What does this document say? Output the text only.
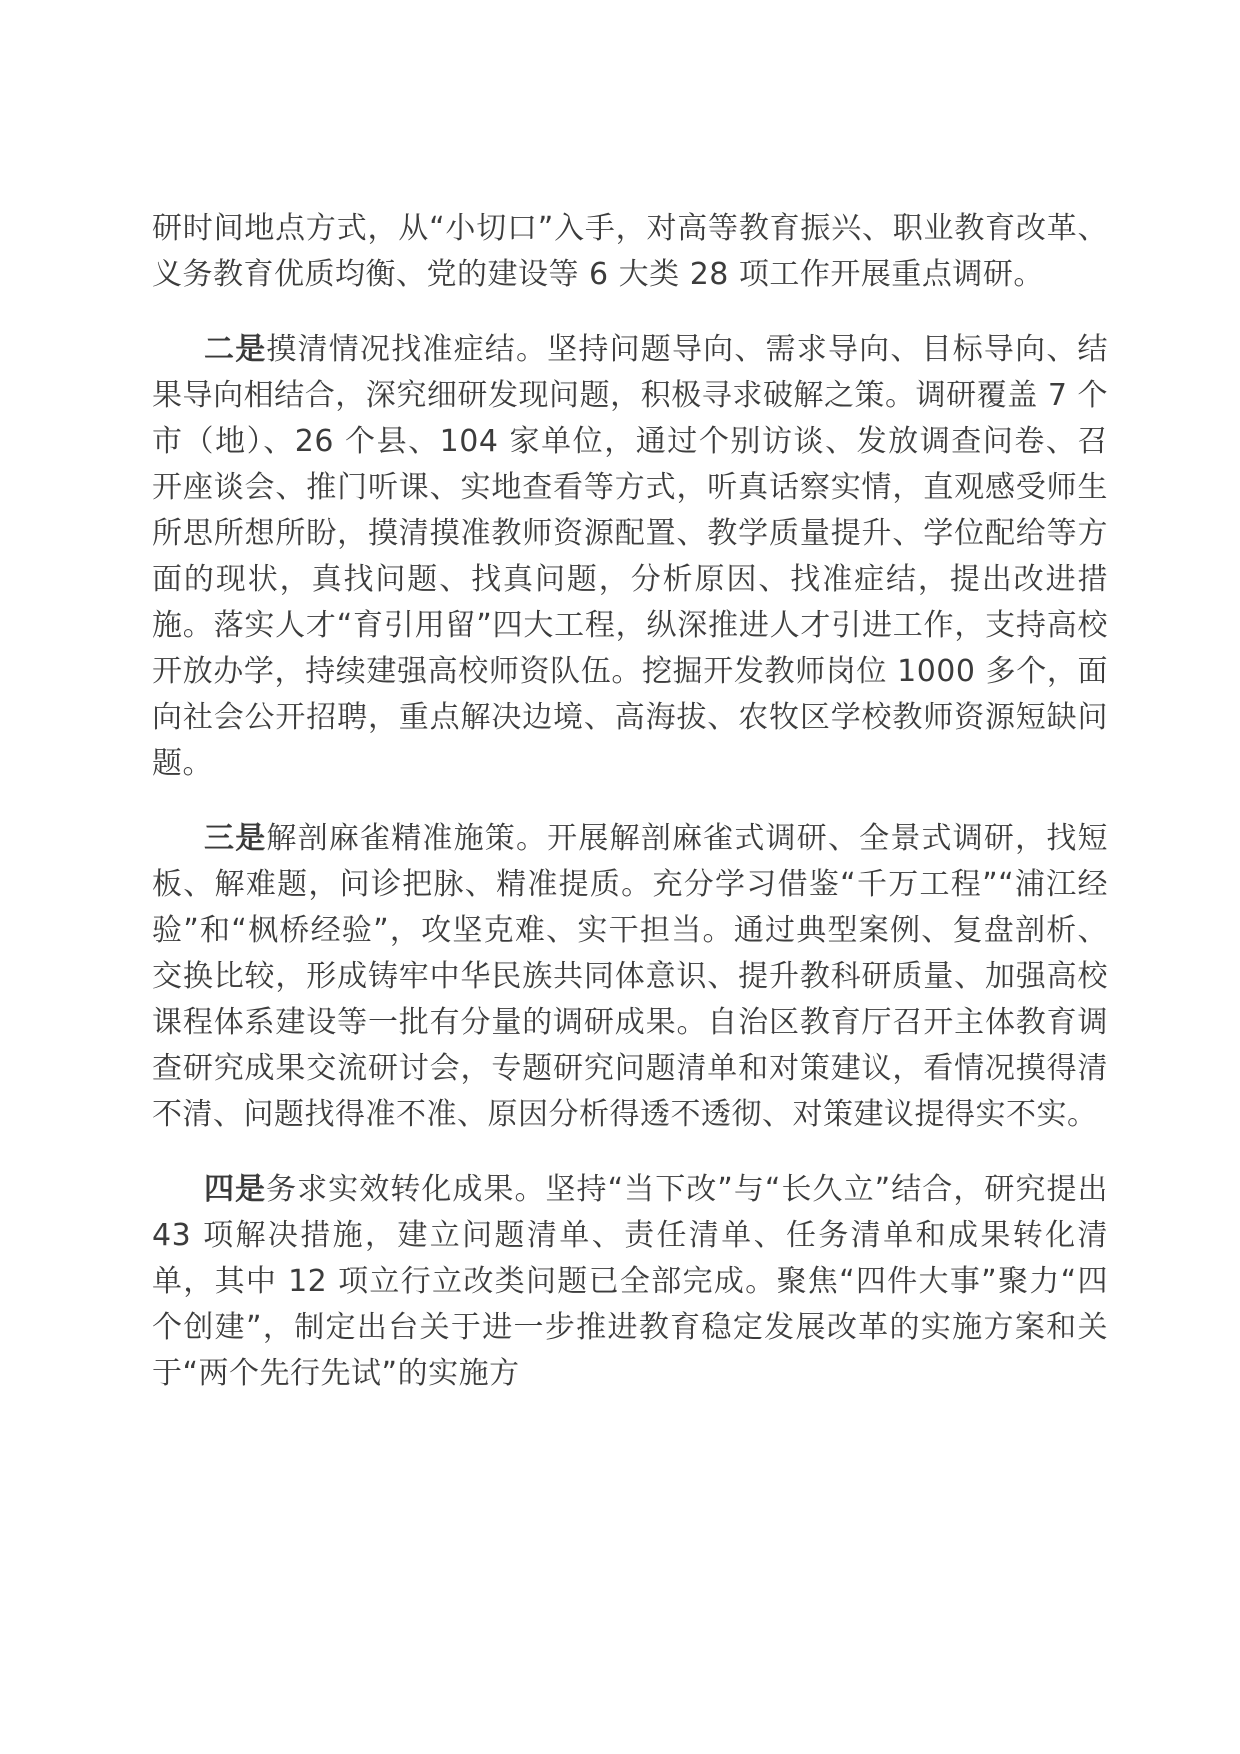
研时间地点方式，从“小切口”入手，对高等教育振兴、职业教育改革、义务教育优质均衡、党的建设等 6 大类 28 项工作开展重点调研。

二是摸清情况找准症结。坚持问题导向、需求导向、目标导向、结果导向相结合，深究细研发现问题，积极寻求破解之策。调研覆盖 7 个市（地）、26 个县、104 家单位，通过个别访谈、发放调查问卷、召开座谈会、推门听课、实地查看等方式，听真话察实情，直观感受师生所思所想所盼，摸清摸准教师资源配置、教学质量提升、学位配给等方面的现状，真找问题、找真问题，分析原因、找准症结，提出改进措施。落实人才“育引用留”四大工程，纵深推进人才引进工作，支持高校开放办学，持续建强高校师资队伍。挖掘开发教师岗位 1000 多个，面向社会公开招聘，重点解决边境、高海拔、农牧区学校教师资源短缺问题。

三是解剖麻雀精准施策。开展解剖麻雀式调研、全景式调研，找短板、解难题，问诊把脉、精准提质。充分学习借鉴“千万工程”“浦江经验”和“枫桥经验”，攻坚克难、实干担当。通过典型案例、复盘剖析、交换比较，形成铸牢中华民族共同体意识、提升教科研质量、加强高校课程体系建设等一批有分量的调研成果。自治区教育厅召开主体教育调查研究成果交流研讨会，专题研究问题清单和对策建议，看情况摸得清不清、问题找得准不准、原因分析得透不透彻、对策建议提得实不实。

四是务求实效转化成果。坚持“当下改”与“长久立”结合，研究提出 43 项解决措施，建立问题清单、责任清单、任务清单和成果转化清单，其中 12 项立行立改类问题已全部完成。聚焦“四件大事”聚力“四个创建”，制定出台关于进一步推进教育稳定发展改革的实施方案和关于“两个先行先试”的实施方
